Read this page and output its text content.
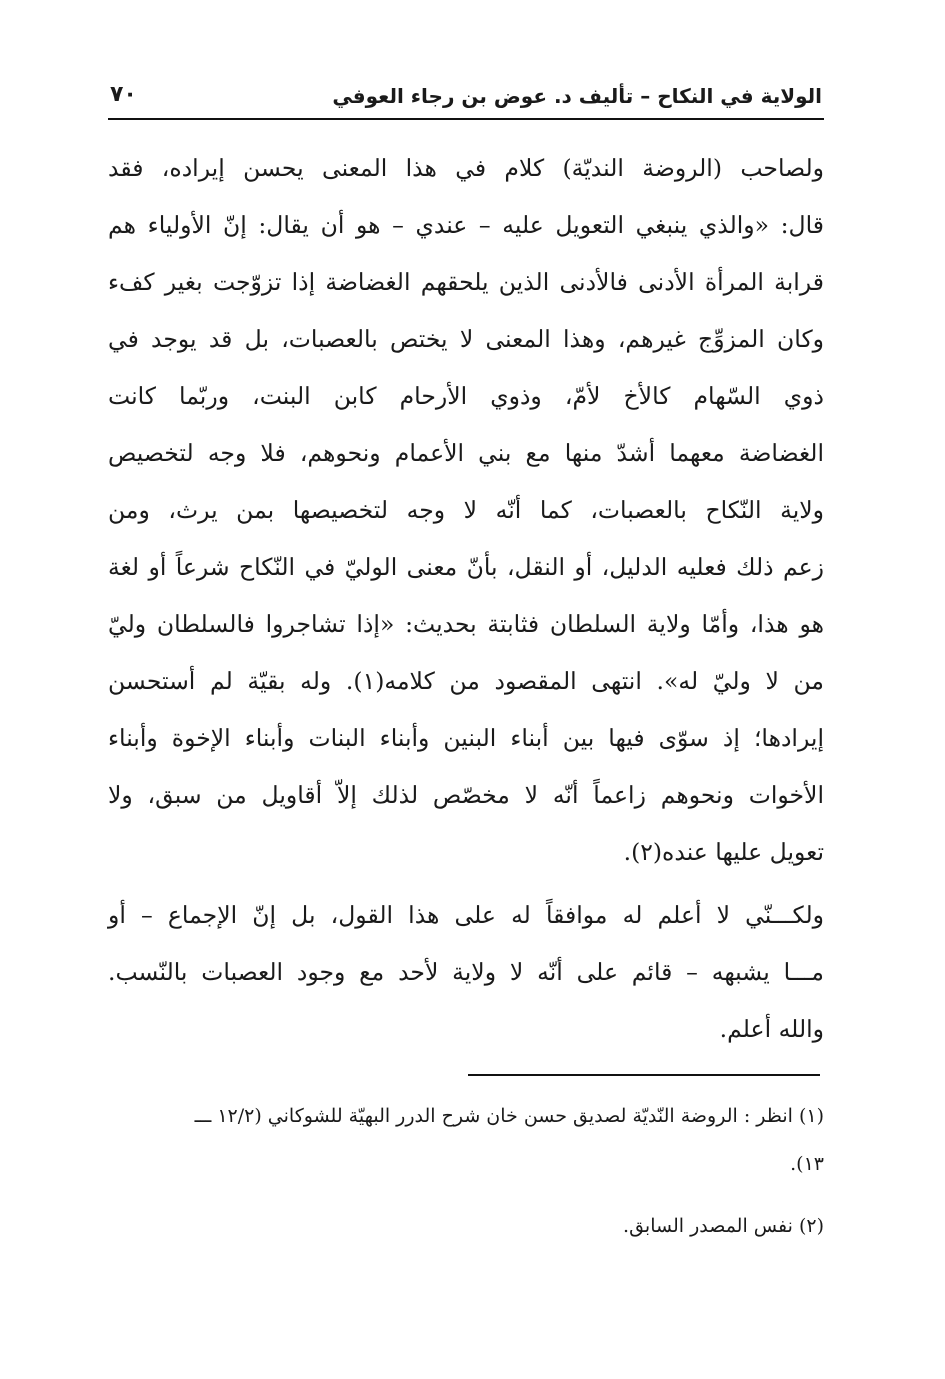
الولاية في النكاح – تأليف د. عوض بن رجاء العوفي
٧٠
ولصاحب (الروضة النديّة) كلام في هذا المعنى يحسن إيراده، فقد
قال: «والذي ينبغي التعويل عليه – عندي – هو أن يقال: إنّ الأولياء هم
قرابة المرأة الأدنى فالأدنى الذين يلحقهم الغضاضة إذا تزوّجت بغير كفء
وكان المزوِّج غيرهم، وهذا المعنى لا يختص بالعصبات، بل قد يوجد في
ذوي السّهام كالأخ لأمّ، وذوي الأرحام كابن البنت، وربّما كانت
الغضاضة معهما أشدّ منها مع بني الأعمام ونحوهم، فلا وجه لتخصيص
ولاية النّكاح بالعصبات، كما أنّه لا وجه لتخصيصها بمن يرث، ومن
زعم ذلك فعليه الدليل، أو النقل، بأنّ معنى الوليّ في النّكاح شرعاً أو لغة
هو هذا، وأمّا ولاية السلطان فثابتة بحديث: «إذا تشاجروا فالسلطان وليّ
من لا وليّ له». انتهى المقصود من كلامه(١). وله بقيّة لم أستحسن
إيرادها؛ إذ سوّى فيها بين أبناء البنين وأبناء البنات وأبناء الإخوة وأبناء
الأخوات ونحوهم زاعماً أنّه لا مخصّص لذلك إلاّ أقاويل من سبق، ولا
تعويل عليها عنده(٢).
ولكـــنّي لا أعلم له موافقاً له على هذا القول، بل إنّ الإجماع – أو
مـــا يشبهه – قائم على أنّه لا ولاية لأحد مع وجود العصبات بالنّسب.
والله أعلم.
(١) انظر : الروضة النّديّة لصديق حسن خان شرح الدرر البهيّة للشوكاني (١٢/٢ ـــ
١٣).
(٢) نفس المصدر السابق.
